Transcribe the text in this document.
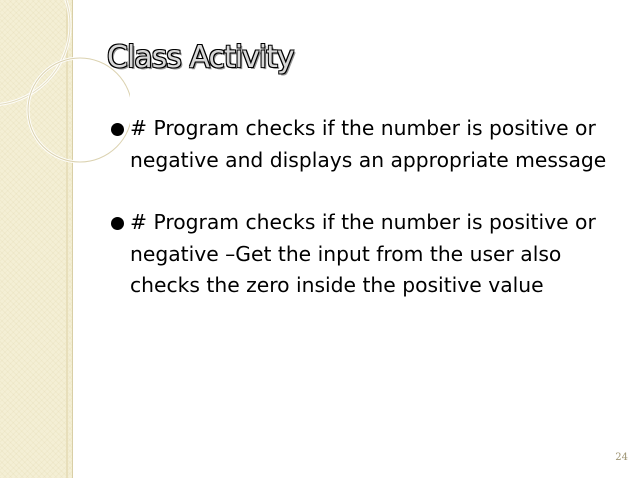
Class Activity
# Program checks if the number is positive or negative and displays an appropriate message
# Program checks if the number is positive or negative –Get the input from the user also checks the zero inside the positive value
24
